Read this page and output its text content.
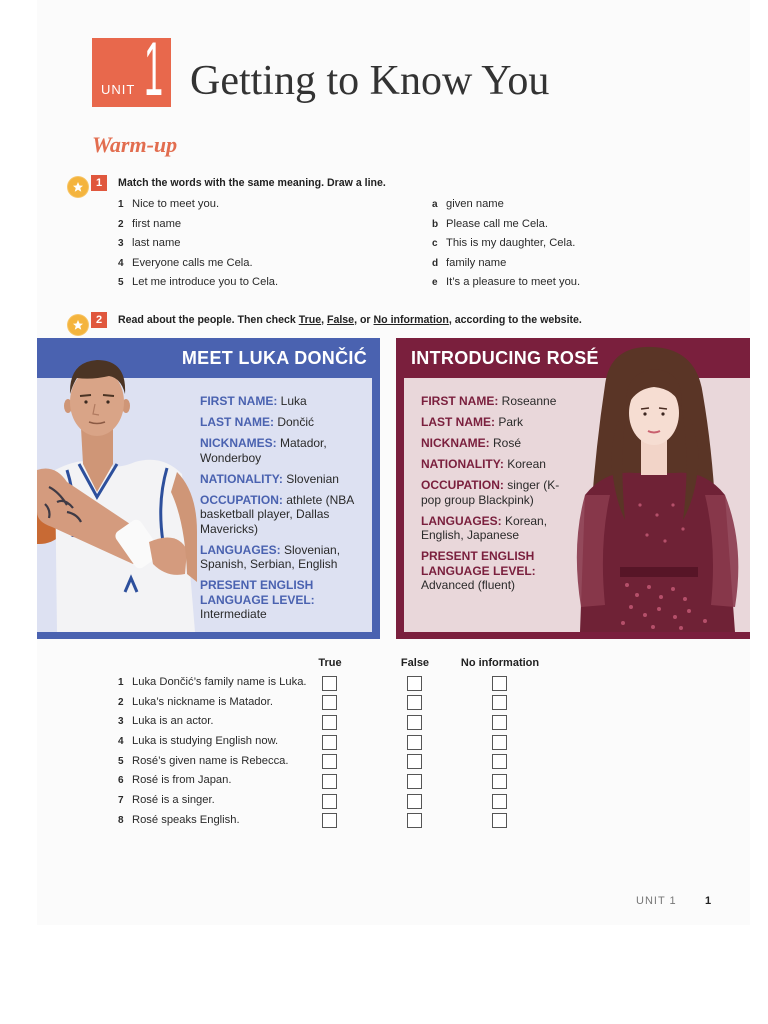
UNIT 1 Getting to Know You
Warm-up
1	Match the words with the same meaning. Draw a line.
1 Nice to meet you.
2 first name
3 last name
4 Everyone calls me Cela.
5 Let me introduce you to Cela.
a given name
b Please call me Cela.
c This is my daughter, Cela.
d family name
e It’s a pleasure to meet you.
2	Read about the people. Then check True, False, or No information, according to the website.
MEET LUKA DONČIĆ

FIRST NAME: Luka

LAST NAME: Dončić

NICKNAMES: Matador, Wonderboy

NATIONALITY: Slovenian

OCCUPATION: athlete (NBA basketball player, Dallas Mavericks)

LANGUAGES: Slovenian, Spanish, Serbian, English

PRESENT ENGLISH LANGUAGE LEVEL:
Intermediate

INTRODUCING ROSÉ

FIRST NAME: Roseanne

LAST NAME: Park

NICKNAME: Rosé

NATIONALITY: Korean

OCCUPATION: singer (K-pop group Blackpink)

LANGUAGES: Korean, English, Japanese

PRESENT ENGLISH LANGUAGE LEVEL:
Advanced (fluent)

True	False	No information
1 Luka Dončić’s family name is Luka.
2 Luka’s nickname is Matador.
3 Luka is an actor.
4 Luka is studying English now.
5 Rosé’s given name is Rebecca.
6 Rosé is from Japan.
7 Rosé is a singer.
8 Rosé speaks English.
UNIT 1	1
